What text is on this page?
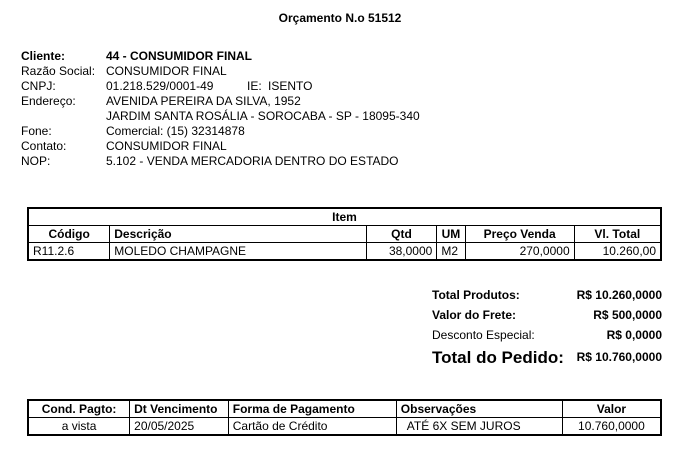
Orçamento N.o 51512
Cliente:	44 - CONSUMIDOR FINAL
Razão Social: CONSUMIDOR FINAL
CNPJ:	01.218.529/0001-49	IE: ISENTO
Endereço:	AVENIDA PEREIRA DA SILVA, 1952
JARDIM SANTA ROSÁLIA - SOROCABA - SP - 18095-340
Fone:	Comercial: (15) 32314878
Contato:	CONSUMIDOR FINAL
NOP:	5.102 - VENDA MERCADORIA DENTRO DO ESTADO
Item					
Código	Descrição	Qtd	UM	Preço Venda	Vl. Total
R11.2.6	MOLEDO CHAMPAGNE	38,0000	M2	270,0000	10.260,00
Total Produtos:	R$ 10.260,0000
Valor do Frete:	R$ 500,0000
Desconto Especial:	R$ 0,0000
Total do Pedido: R$ 10.760,0000
Cond. Pagto:	Dt Vencimento	Forma de Pagamento	Observações	Valor
a vista	20/05/2025	Cartão de Crédito	ATÉ 6X SEM JUROS	10.760,0000
